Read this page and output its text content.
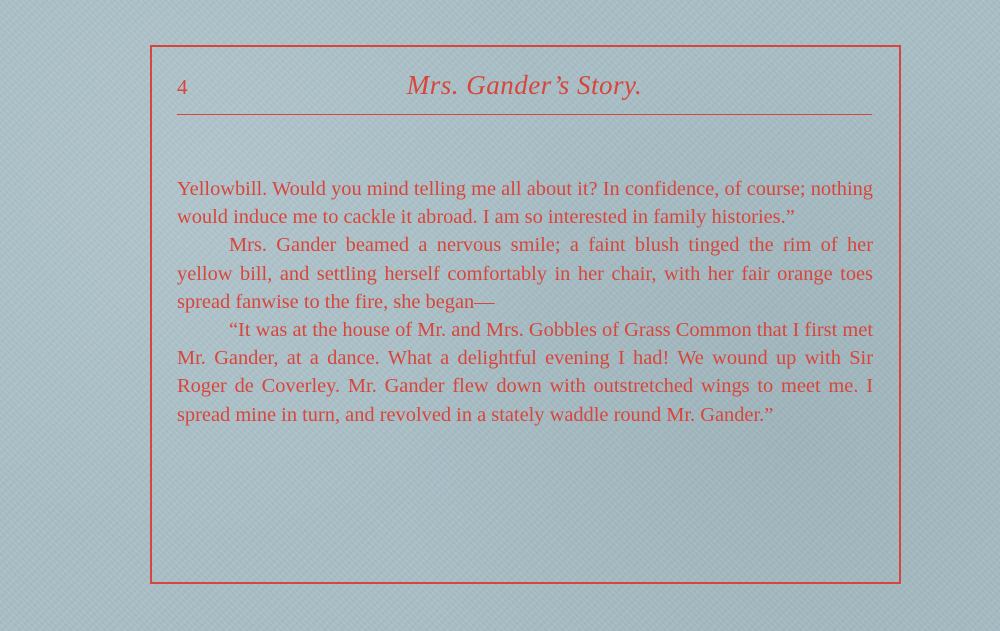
4	Mrs. Gander’s Story.

Yellowbill. Would you mind telling me all about it? In confidence, of course; nothing would induce me to cackle it abroad. I am so interested in family histories.”

Mrs. Gander beamed a nervous smile; a faint blush tinged the rim of her yellow bill, and settling herself comfortably in her chair, with her fair orange toes spread fanwise to the fire, she began—

“It was at the house of Mr. and Mrs. Gobbles of Grass Common that I first met Mr. Gander, at a dance. What a delightful evening I had! We wound up with Sir Roger de Coverley. Mr. Gander flew down with outstretched wings to meet me. I spread mine in turn, and revolved in a stately waddle round Mr. Gander.”
